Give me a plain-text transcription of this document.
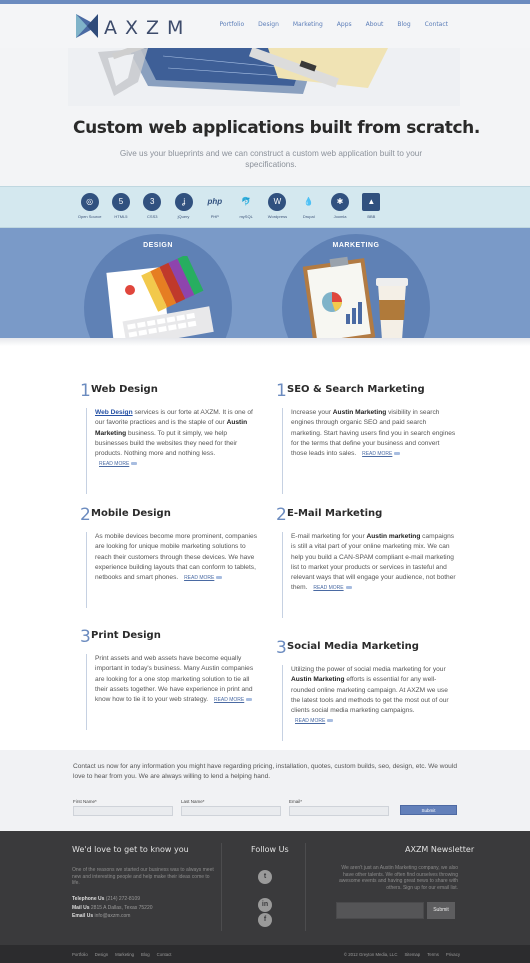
AXZM	Portfolio Design Marketing Apps About Blog Contact
Custom web applications built from scratch.

Give us your blueprints and we can construct a custom web application built to your specifications.

◎
Open Source
5
HTML5
3
CSS3
ʝ
jQuery
php
PHP
🐬
mySQL
W
Wordpress
💧
Drupal
✱
Joomla
▲
BBB
DESIGN	MARKETING
1 Web Design

Web Design services is our forte at AXZM. It is one of our favorite practices and is the staple of our Austin Marketing business. To put it simply, we help businesses build the websites they need for their products. Nothing more and nothing less.
READ MORE

1 SEO & Search Marketing

Increase your Austin Marketing visibility in search engines through organic SEO and paid search marketing. Start having users find you in search engines for the terms that define your business and convert those leads into sales. READ MORE

2 Mobile Design

As mobile devices become more prominent, companies are looking for unique mobile marketing solutions to reach their customers through these devices. We have experience building layouts that can conform to tablets, netbooks and smart phones. READ MORE

2 E-Mail Marketing

E-mail marketing for your Austin marketing campaigns is still a vital part of your online marketing mix. We can help you build a CAN-SPAM compliant e-mail marketing list to market your products or services in tasteful and relevant ways that will engage your audience, not bother them. READ MORE

3 Print Design

Print assets and web assets have become equally important in today's business. Many Austin companies are looking for a one stop marketing solution to tie all their assets together. We have experience in print and know how to tie it to your web strategy. READ MORE

3 Social Media Marketing

Utilizing the power of social media marketing for your Austin Marketing efforts is essential for any well-rounded online marketing campaign. At AXZM we use the latest tools and methods to get the most out of our clients social media marketing campaigns. READ MORE

Contact us now for any information you might have regarding pricing, installation, quotes, custom builds, seo, design, etc. We would love to hear from you. We are always willing to lend a helping hand.

First Name*	Last Name*	Email*
Submit
We'd love to get to know you

One of the reasons we started our business was to always meet new and interesting people and help make their ideas come to life.

Telephone Us (214) 272-8109
Mail Us 2815 A Dallas, Texas 75220
Email Us info@axzm.com
Follow Us
t
in
f
AXZM Newsletter

We aren't just an Austin Marketing company, we also have other talents. We often find ourselves throwing awesome events and having great news to share with others. Sign up for our email list.

Submit
Portfolio Design Marketing Blog Contact	© 2012 Greyton Media, LLC Sitemap Terms Privacy
